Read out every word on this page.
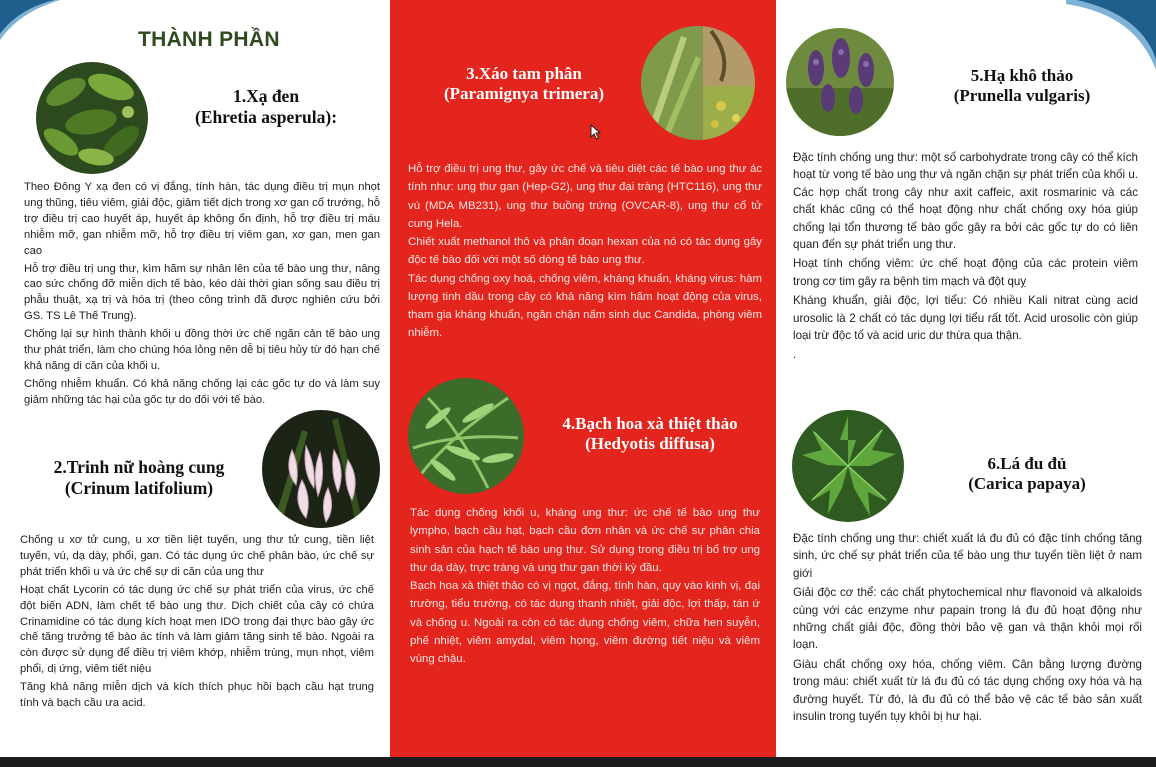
THÀNH PHẦN
1.Xạ đen
(Ehretia asperula):

Theo Đông Y xạ đen có vị đắng, tính hàn, tác dụng điều trị mụn nhọt ung thũng, tiêu viêm, giải độc, giảm tiết dịch trong xơ gan cổ trướng, hỗ trợ điều trị cao huyết áp, huyết áp không ổn định, hỗ trợ điều trị máu nhiễm mỡ, gan nhiễm mỡ, hỗ trợ điều trị viêm gan, xơ gan, men gan cao

Hỗ trợ điều trị ung thư, kìm hãm sự nhân lên của tế bào ung thư, nâng cao sức chống đỡ miễn dịch tế bào, kéo dài thời gian sống sau điều trị phẫu thuật, xạ trị và hóa trị (theo công trình đã được nghiên cứu bởi GS. TS Lê Thế Trung).

Chống lại sự hình thành khối u đồng thời ức chế ngăn cản tế bào ung thư phát triển, làm cho chúng hóa lỏng nên dễ bị tiêu hủy từ đó hạn chế khả năng di căn của khối u.

Chống nhiễm khuẩn. Có khả năng chống lại các gốc tự do và làm suy giảm những tác hại của gốc tự do đối với tế bào.

2.Trinh nữ hoàng cung
(Crinum latifolium)

Chống u xơ tử cung, u xơ tiền liệt tuyến, ung thư tử cung, tiền liệt tuyến, vú, dạ dày, phổi, gan. Có tác dụng ức chế phân bào, ức chế sự phát triển khối u và ức chế sự di căn của ung thư

Hoạt chất Lycorin có tác dụng ức chế sự phát triển của virus, ức chế đột biến ADN, làm chết tế bào ung thư. Dịch chiết của cây có chứa Crinamidine có tác dụng kích hoạt men IDO trong đại thực bào gây ức chế tăng trưởng tế bào ác tính và làm giảm tăng sinh tế bào. Ngoài ra còn được sử dụng để điều trị viêm khớp, nhiễm trùng, mụn nhọt, viêm phổi, dị ứng, viêm tiết niệu

Tăng khả năng miễn dịch và kích thích phục hồi bạch cầu hạt trung tính và bạch cầu ưa acid.

3.Xáo tam phân
(Paramignya trimera)

Hỗ trợ điều trị ung thư, gây ức chế và tiêu diệt các tế bào ung thư ác tính như: ung thư gan (Hep-G2), ung thư đại tràng (HTC116), ung thư vú (MDA MB231), ung thư buồng trứng (OVCAR-8), ung thư cổ tử cung Hela.

Chiết xuất methanol thô và phân đoạn hexan của nó có tác dụng gây độc tế bào đối với một số dòng tế bào ung thư.

Tác dụng chống oxy hoá, chống viêm, kháng khuẩn, kháng virus: hàm lượng tinh dầu trong cây có khả năng kìm hãm hoạt động của virus, tham gia kháng khuẩn, ngăn chặn nấm sinh dục Candida, phòng viêm nhiễm.

4.Bạch hoa xà thiệt thảo
(Hedyotis diffusa)

Tác dụng chống khối u, kháng ung thư: ức chế tế bào ung thư lympho, bạch cầu hạt, bạch cầu đơn nhân và ức chế sự phân chia sinh sản của hạch tế bào ung thư. Sử dụng trong điều trị bổ trợ ung thư dạ dày, trực tràng và ung thư gan thời kỳ đầu.

Bạch hoa xà thiệt thảo có vị ngọt, đắng, tính hàn, quy vào kinh vị, đại trường, tiểu trường, có tác dụng thanh nhiệt, giải độc, lợi thấp, tán ứ và chống u. Ngoài ra còn có tác dụng chống viêm, chữa hen suyễn, phế nhiệt, viêm amydal, viêm họng, viêm đường tiết niệu và viêm vùng chậu.

5.Hạ khô thảo
(Prunella vulgaris)

Đặc tính chống ung thư: một số carbohydrate trong cây có thể kích hoạt từ vong tế bào ung thư và ngăn chặn sự phát triển của khối u. Các hợp chất trong cây như axit caffeic, axit rosmarinic và các chất khác cũng có thể hoạt động như chất chống oxy hóa giúp chống lại tổn thương tế bào gốc gây ra bởi các gốc tự do có liên quan đến sự phát triển ung thư.

Hoạt tính chống viêm: ức chế hoạt động của các protein viêm trong cơ tim gây ra bệnh tim mạch và đột quỵ

Kháng khuẩn, giải độc, lợi tiểu: Có nhiều Kali nitrat cùng acid urosolic là 2 chất có tác dụng lợi tiểu rất tốt. Acid urosolic còn giúp loại trừ độc tố và acid uric dư thừa qua thận.

.

6.Lá đu đủ
(Carica papaya)

Đặc tính chống ung thư: chiết xuất lá đu đủ có đặc tính chống tăng sinh, ức chế sự phát triển của tế bào ung thư tuyến tiền liệt ở nam giới

Giải độc cơ thể: các chất phytochemical như flavonoid và alkaloids cùng với các enzyme như papain trong lá đu đủ hoạt động như những chất giải độc, đồng thời bảo vệ gan và thận khỏi mọi rối loạn.

Giàu chất chống oxy hóa, chống viêm. Cân bằng lượng đường trong máu: chiết xuất từ lá đu đủ có tác dụng chống oxy hóa và hạ đường huyết. Từ đó, lá đu đủ có thể bảo vệ các tế bào sản xuất insulin trong tuyến tụy khỏi bị hư hại.
